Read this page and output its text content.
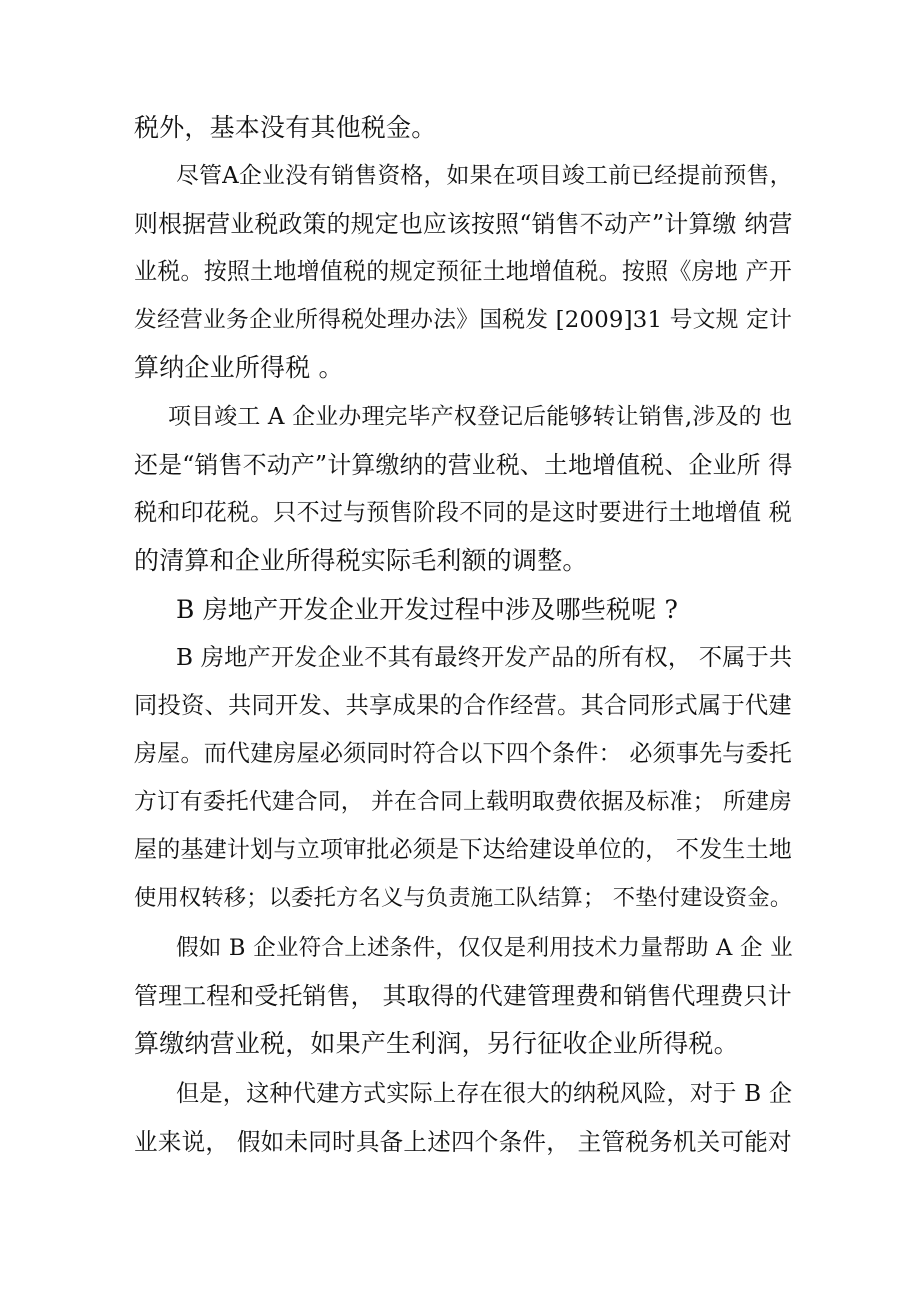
税外，基本没有其他税金。
尽管A企业没有销售资格，如果在项目竣工前已经提前预售，
则根据营业税政策的规定也应该按照“销售不动产”计算缴 纳营
业税。按照土地增值税的规定预征土地增值税。按照《房地 产开
发经营业务企业所得税处理办法》国税发 [2009]31 号文规 定计
算纳企业所得税 。
项目竣工 A 企业办理完毕产权登记后能够转让销售,涉及的 也
还是“销售不动产”计算缴纳的营业税、土地增值税、企业所 得
税和印花税。只不过与预售阶段不同的是这时要进行土地增值 税
的清算和企业所得税实际毛利额的调整。
B 房地产开发企业开发过程中涉及哪些税呢 ?
B 房地产开发企业不其有最终开发产品的所有权， 不属于共
同投资、共同开发、共享成果的合作经营。其合同形式属于代建
房屋。而代建房屋必须同时符合以下四个条件： 必须事先与委托
方订有委托代建合同， 并在合同上载明取费依据及标准； 所建房
屋的基建计划与立项审批必须是下达给建设单位的， 不发生土地
使用权转移；以委托方名义与负责施工队结算； 不垫付建设资金。
假如 B 企业符合上述条件，仅仅是利用技术力量帮助 A 企 业
管理工程和受托销售， 其取得的代建管理费和销售代理费只计
算缴纳营业税，如果产生利润，另行征收企业所得税。
但是，这种代建方式实际上存在很大的纳税风险，对于 B 企
业来说， 假如未同时具备上述四个条件， 主管税务机关可能对
